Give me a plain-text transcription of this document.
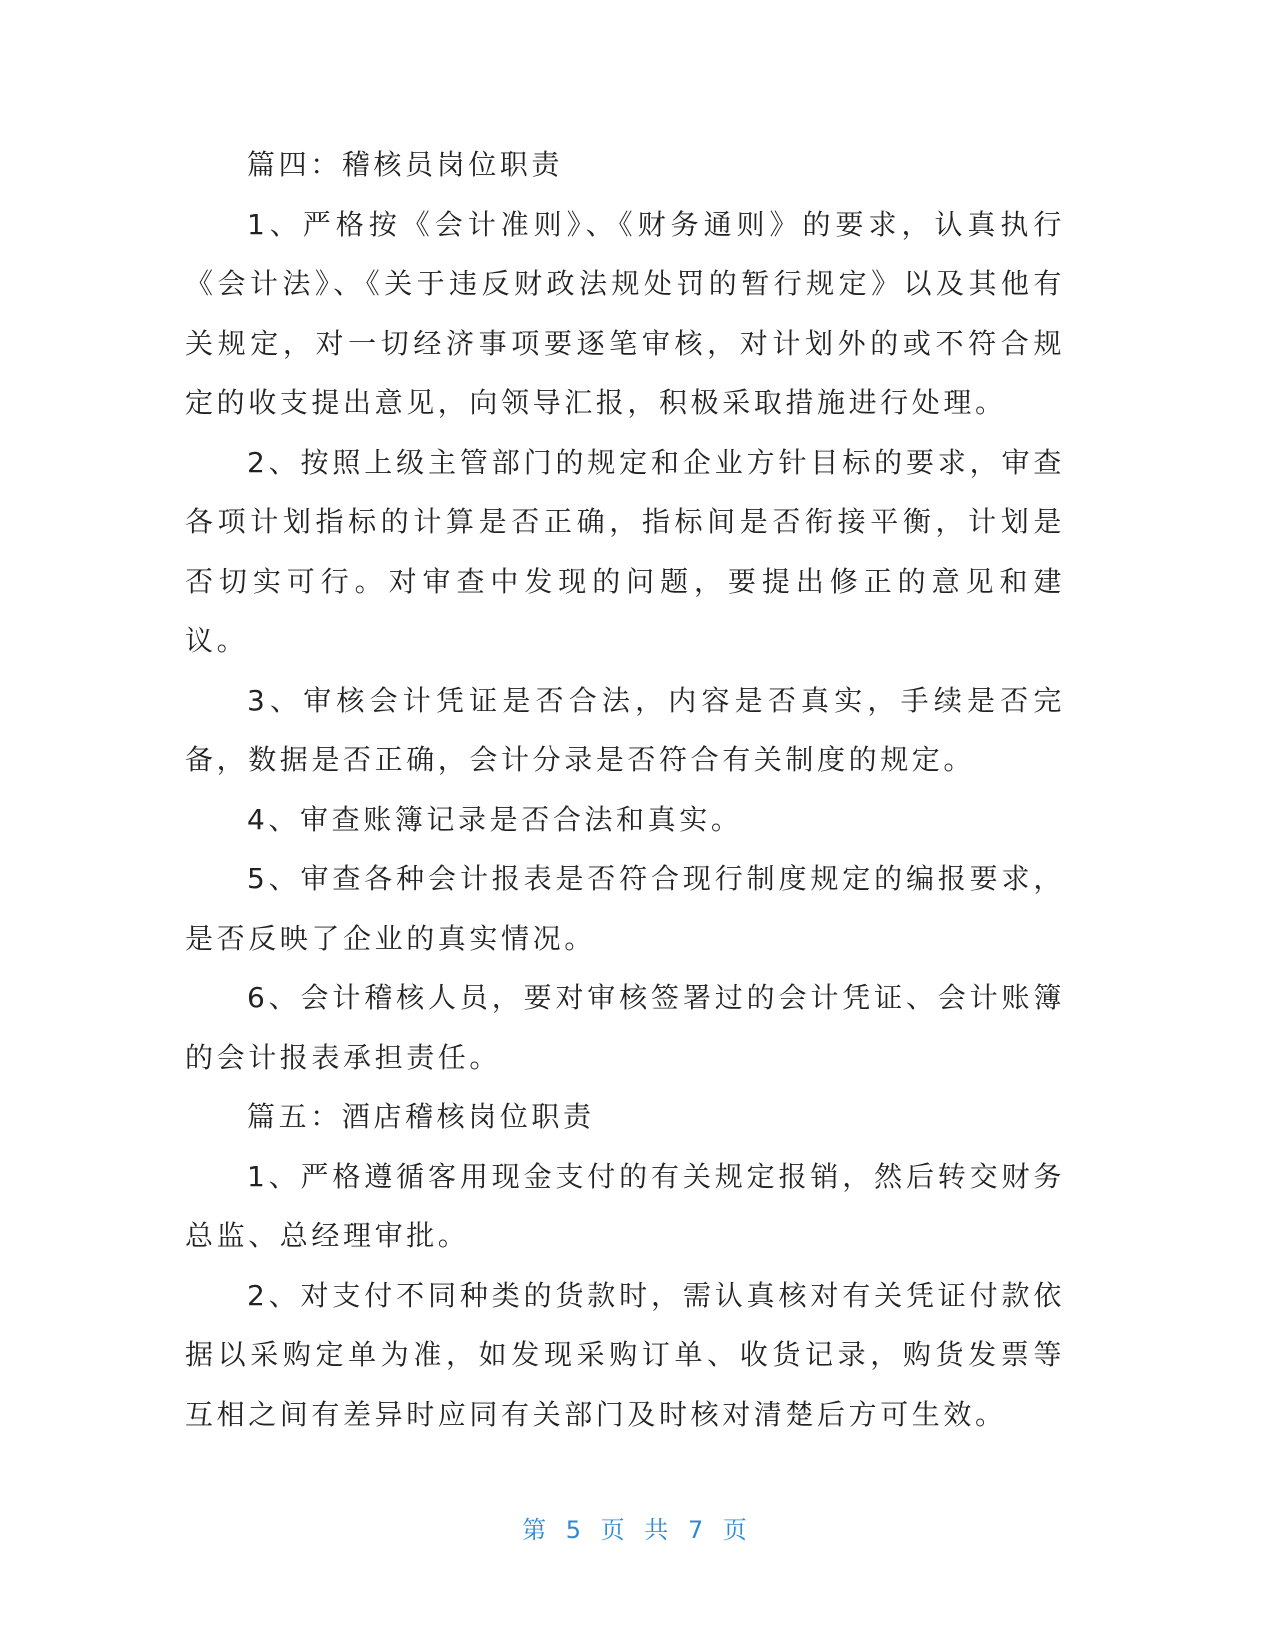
篇四：稽核员岗位职责

1、严格按《会计准则》、《财务通则》的要求，认真执行《会计法》、《关于违反财政法规处罚的暂行规定》以及其他有关规定，对一切经济事项要逐笔审核，对计划外的或不符合规定的收支提出意见，向领导汇报，积极采取措施进行处理。

2、按照上级主管部门的规定和企业方针目标的要求，审查各项计划指标的计算是否正确，指标间是否衔接平衡，计划是否切实可行。对审查中发现的问题，要提出修正的意见和建议。

3、审核会计凭证是否合法，内容是否真实，手续是否完备，数据是否正确，会计分录是否符合有关制度的规定。

4、审查账簿记录是否合法和真实。

5、审查各种会计报表是否符合现行制度规定的编报要求，是否反映了企业的真实情况。

6、会计稽核人员，要对审核签署过的会计凭证、会计账簿的会计报表承担责任。

篇五：酒店稽核岗位职责

1、严格遵循客用现金支付的有关规定报销，然后转交财务总监、总经理审批。

2、对支付不同种类的货款时，需认真核对有关凭证付款依据以采购定单为准，如发现采购订单、收货记录，购货发票等互相之间有差异时应同有关部门及时核对清楚后方可生效。

第 5 页 共 7 页
